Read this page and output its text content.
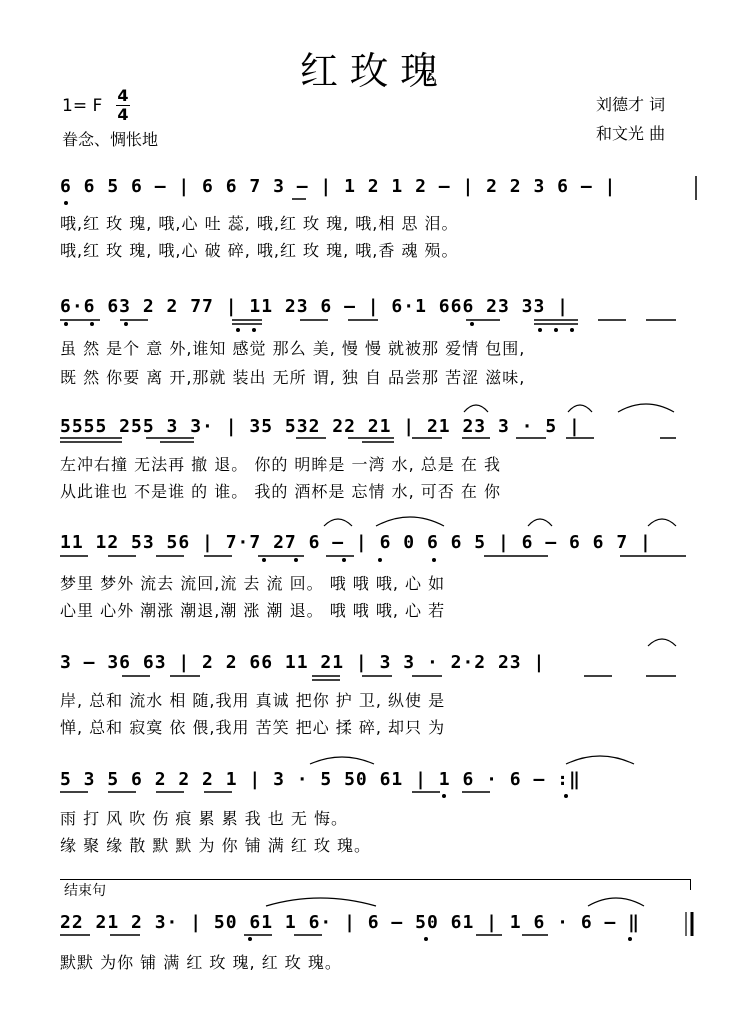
红玫瑰
1= F
4
4
眷念、惆怅地
刘德才 词
和文光 曲
6 6 5 6 – | 6 6 7 3 – | 1 2 1 2 – | 2 2 3 6 – |
哦,红 玫 瑰, 哦,心 吐 蕊, 哦,红 玫 瑰, 哦,相 思 泪。
哦,红 玫 瑰, 哦,心 破 碎, 哦,红 玫 瑰, 哦,香 魂 殒。
6·6 63 2 2 77 | 11 23 6 – | 6·1 666 23 33 |
虽 然 是个 意 外,谁知 感觉 那么 美, 慢 慢 就被那 爱情 包围,
既 然 你要 离 开,那就 装出 无所 谓, 独 自 品尝那 苦涩 滋味,
5555 255 3 3· | 35 532 22 21 | 21 23 3 · 5 |
左冲右撞 无法再 撤 退。 你的 明眸是 一湾 水, 总是 在 我
从此谁也 不是谁 的 谁。 我的 酒杯是 忘情 水, 可否 在 你
11 12 53 56 | 7·7 27 6 – | 6 0 6 6 5 | 6 – 6 6 7 |
梦里 梦外 流去 流回,流 去 流 回。 哦 哦 哦, 心 如
心里 心外 潮涨 潮退,潮 涨 潮 退。 哦 哦 哦, 心 若
3 – 36 63 | 2 2 66 11 21 | 3 3 · 2·2 23 |
岸, 总和 流水 相 随,我用 真诚 把你 护 卫, 纵使 是
惮, 总和 寂寞 依 偎,我用 苦笑 把心 揉 碎, 却只 为
5 3 5 6 2 2 2 1 | 3 · 5 50 61 | 1 6 · 6 – :‖
雨 打 风 吹 伤 痕 累 累 我 也 无 悔。
缘 聚 缘 散 默 默 为 你 铺 满 红 玫 瑰。
结束句
22 21 2 3· | 50 61 1 6· | 6 – 50 61 | 1 6 · 6 – ‖
默默 为你 铺 满 红 玫 瑰, 红 玫 瑰。
